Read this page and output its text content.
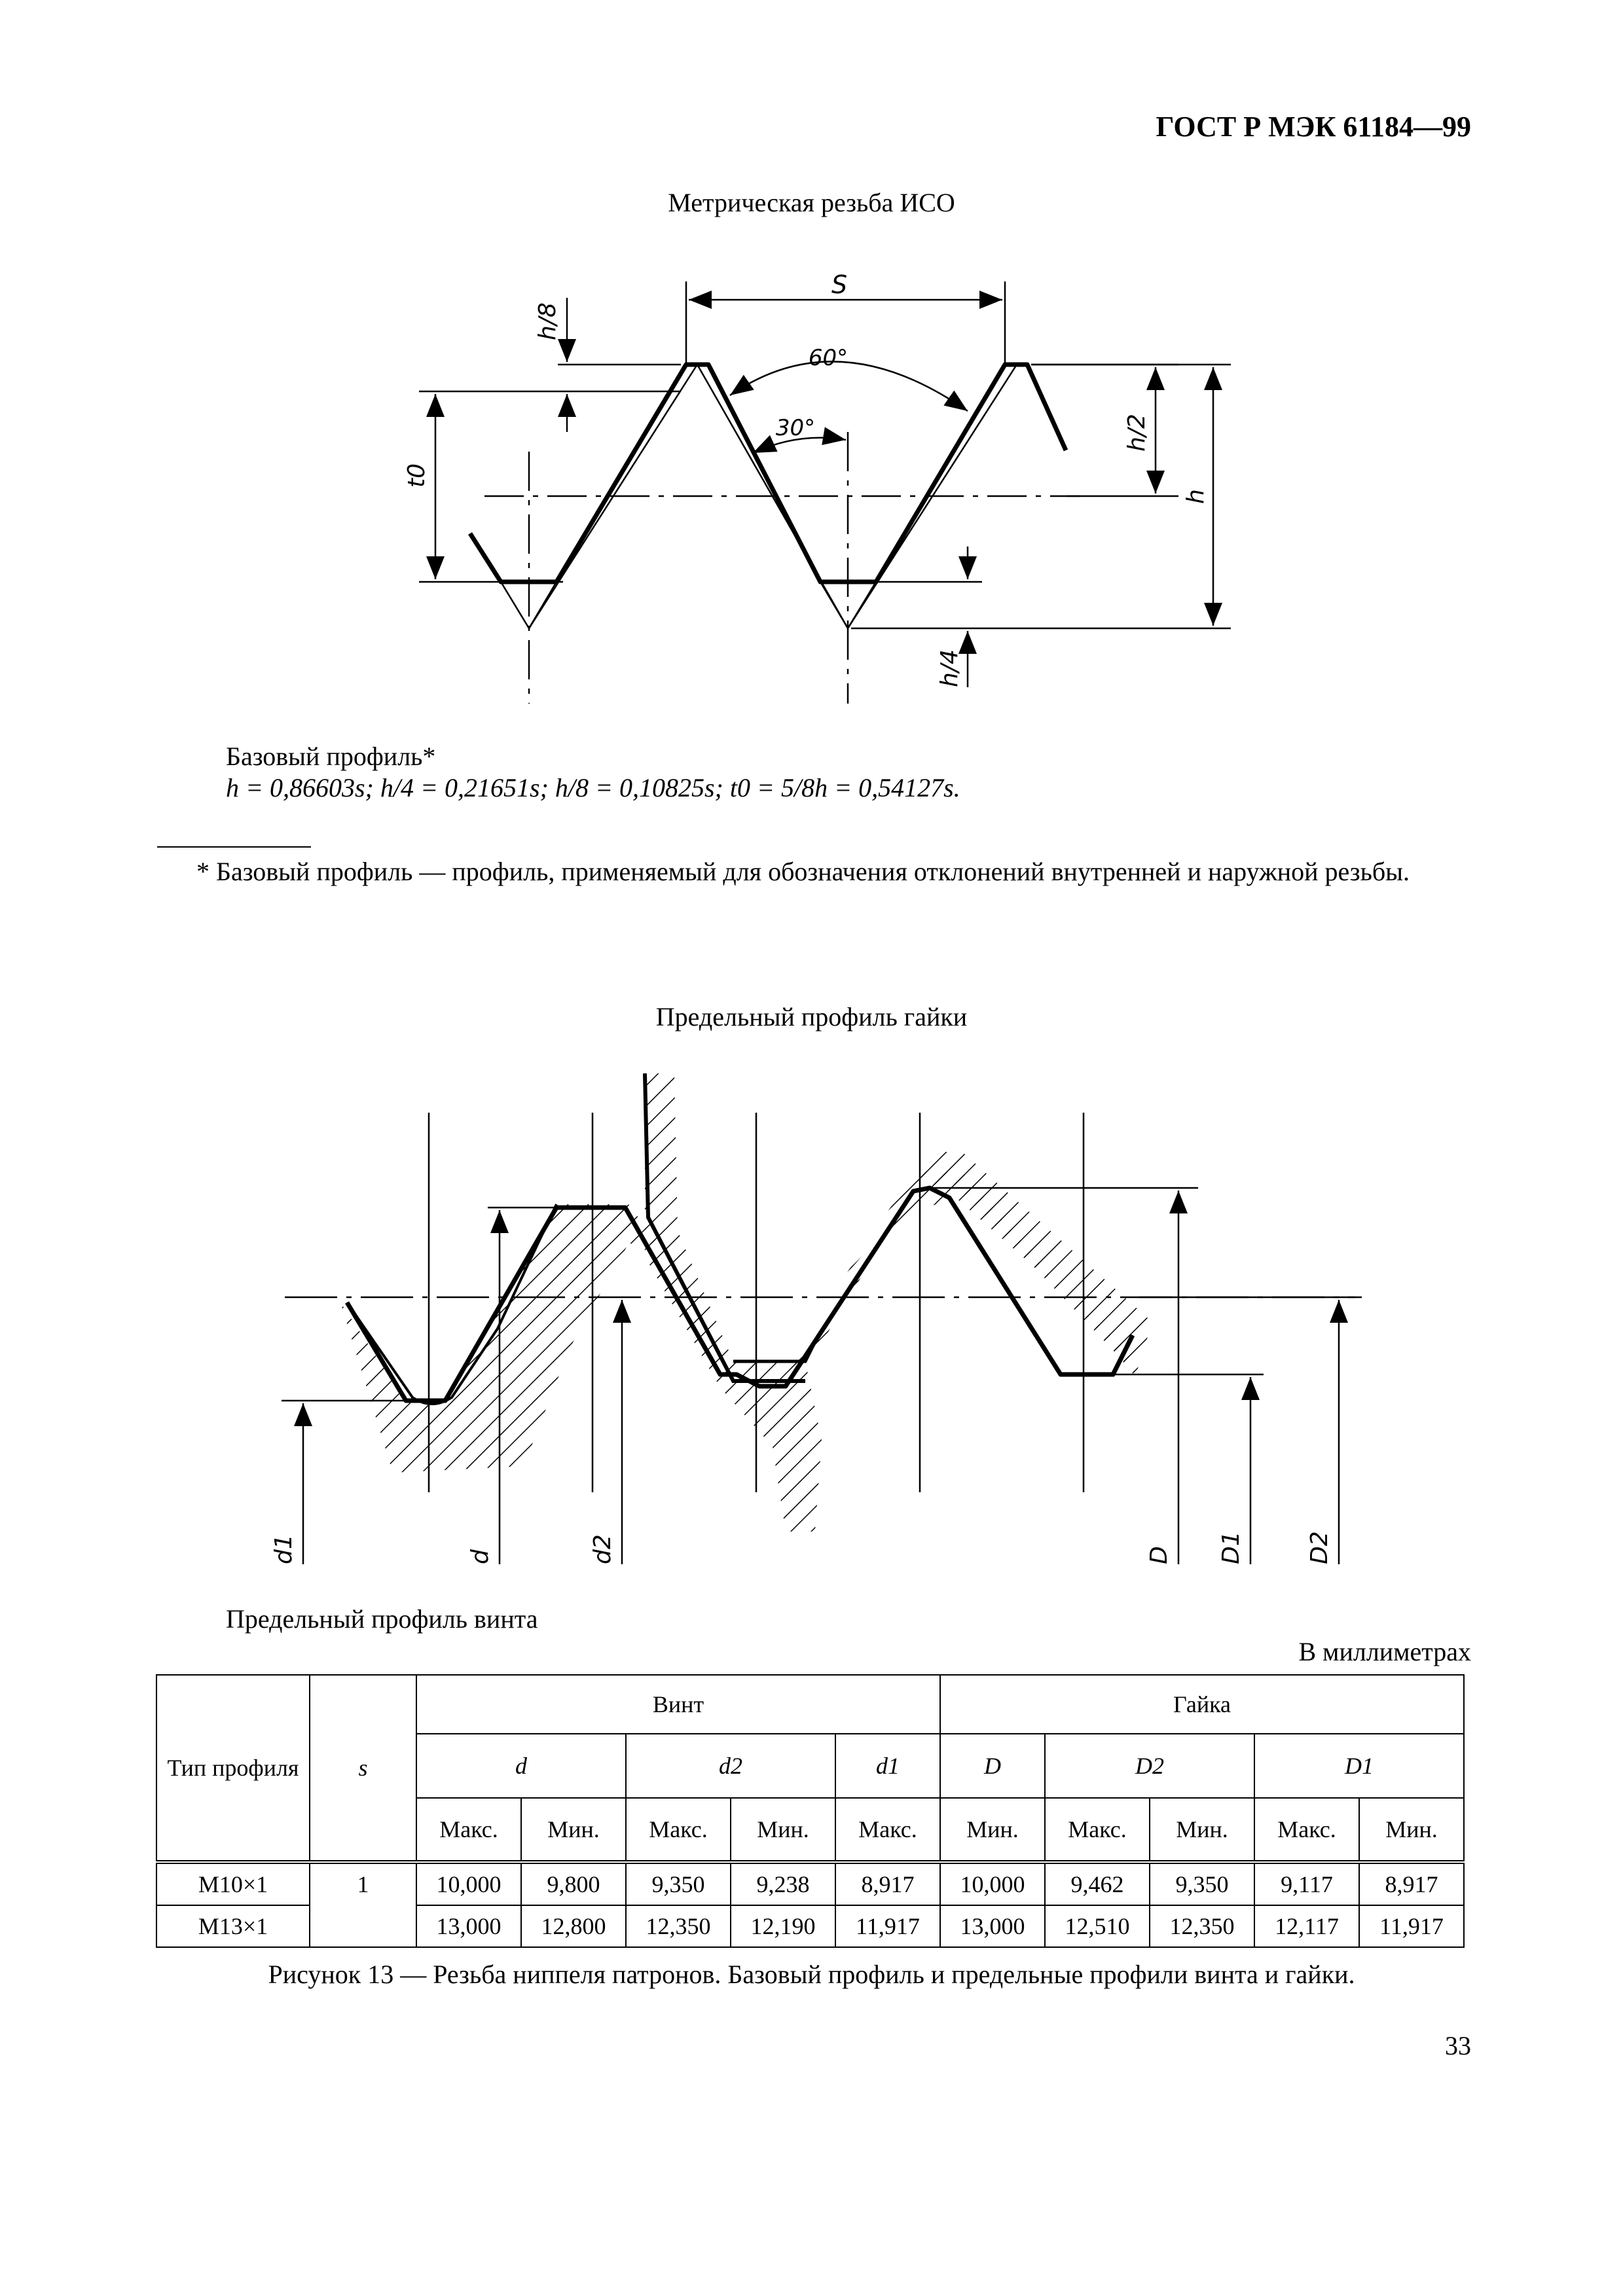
ГОСТ Р МЭК 61184—99
Метрическая резьба ИСО
S
60°
30°
h/8
t0
h/2
h
h/4
Базовый профиль*
h = 0,86603s; h/4 = 0,21651s; h/8 = 0,10825s; t0 = 5/8h = 0,54127s.
* Базовый профиль — профиль, применяемый для обозначения отклонений внутренней и наружной резьбы.
Предельный профиль гайки
d1	d	d2	D D1	D2
Предельный профиль винта
В миллиметрах
Тип профиля	s	Винт					Гайка				
		d		d2		d1	D	D2		D1	
		Макс.	Мин.	Макс.	Мин.	Макс.	Мин.	Макс.	Мин.	Макс.	Мин.
M10×1	1	10,000	9,800	9,350	9,238	8,917	10,000	9,462	9,350	9,117	8,917
M13×1		13,000	12,800	12,350	12,190	11,917	13,000	12,510	12,350	12,117	11,917
Рисунок 13 — Резьба ниппеля патронов. Базовый профиль и предельные профили винта и гайки.
33
